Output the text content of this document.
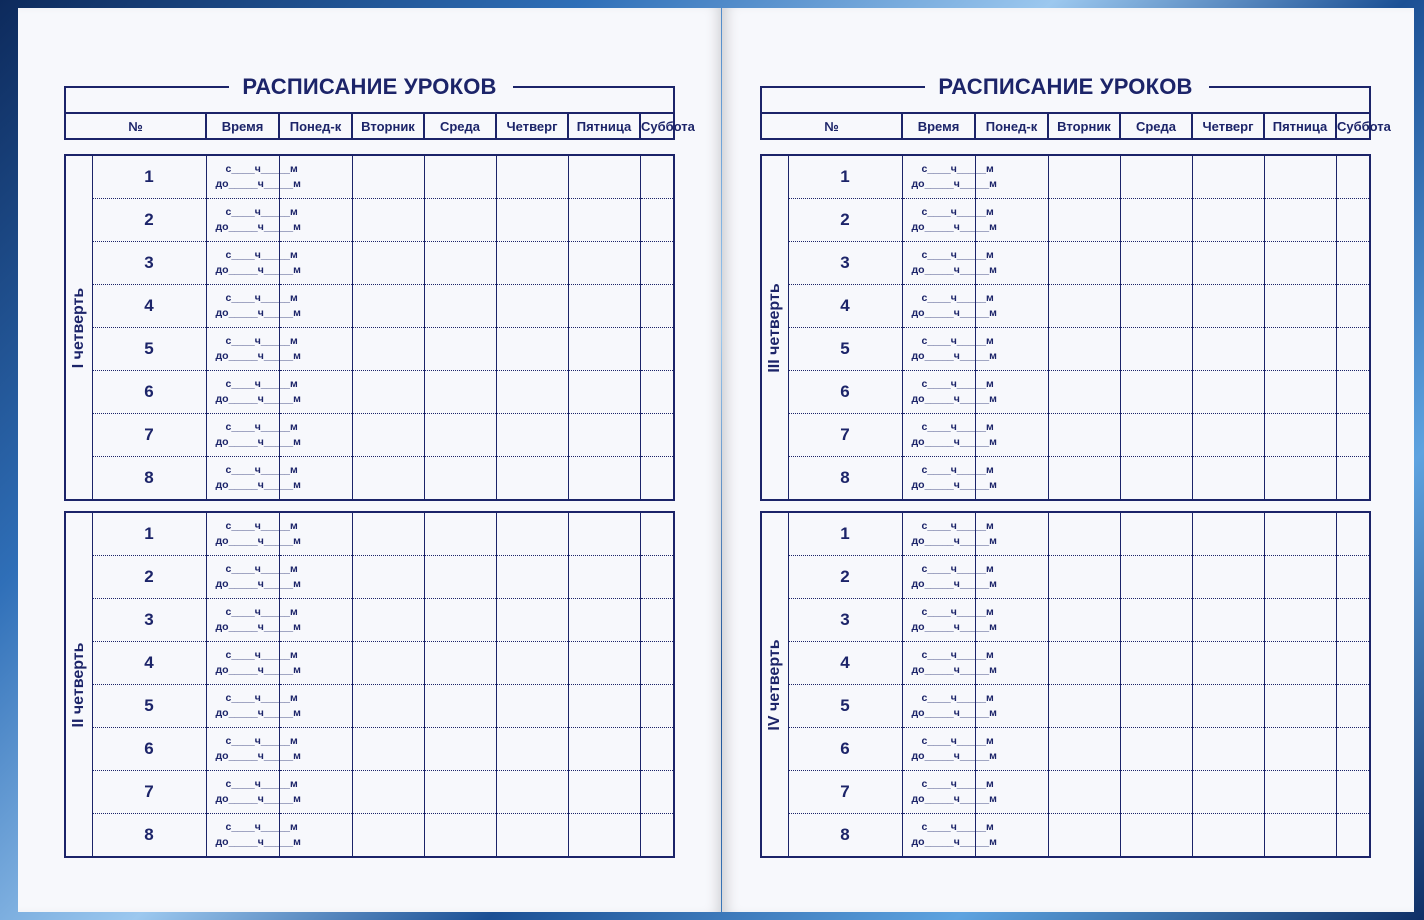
РАСПИСАНИЕ УРОКОВ
№	Время	Понед-к	Вторник	Среда	Четверг	Пятница	Суббота
I четверть	1	с____ч_____м
до_____ч_____м						

	2	с____ч_____м
до_____ч_____м						

	3	с____ч_____м
до_____ч_____м						

	4	с____ч_____м
до_____ч_____м						

	5	с____ч_____м
до_____ч_____м						

	6	с____ч_____м
до_____ч_____м						

	7	с____ч_____м
до_____ч_____м						

	8	с____ч_____м
до_____ч_____м						

II четверть	1	с____ч_____м
до_____ч_____м						

	2	с____ч_____м
до_____ч_____м						

	3	с____ч_____м
до_____ч_____м						

	4	с____ч_____м
до_____ч_____м						

	5	с____ч_____м
до_____ч_____м						

	6	с____ч_____м
до_____ч_____м						

	7	с____ч_____м
до_____ч_____м						

	8	с____ч_____м
до_____ч_____м						

РАСПИСАНИЕ УРОКОВ
№	Время	Понед-к	Вторник	Среда	Четверг	Пятница	Суббота
III четверть	1	с____ч_____м
до_____ч_____м						

	2	с____ч_____м
до_____ч_____м						

	3	с____ч_____м
до_____ч_____м						

	4	с____ч_____м
до_____ч_____м						

	5	с____ч_____м
до_____ч_____м						

	6	с____ч_____м
до_____ч_____м						

	7	с____ч_____м
до_____ч_____м						

	8	с____ч_____м
до_____ч_____м						

IV четверть	1	с____ч_____м
до_____ч_____м						

	2	с____ч_____м
до_____ч_____м						

	3	с____ч_____м
до_____ч_____м						

	4	с____ч_____м
до_____ч_____м						

	5	с____ч_____м
до_____ч_____м						

	6	с____ч_____м
до_____ч_____м						

	7	с____ч_____м
до_____ч_____м						

	8	с____ч_____м
до_____ч_____м						
